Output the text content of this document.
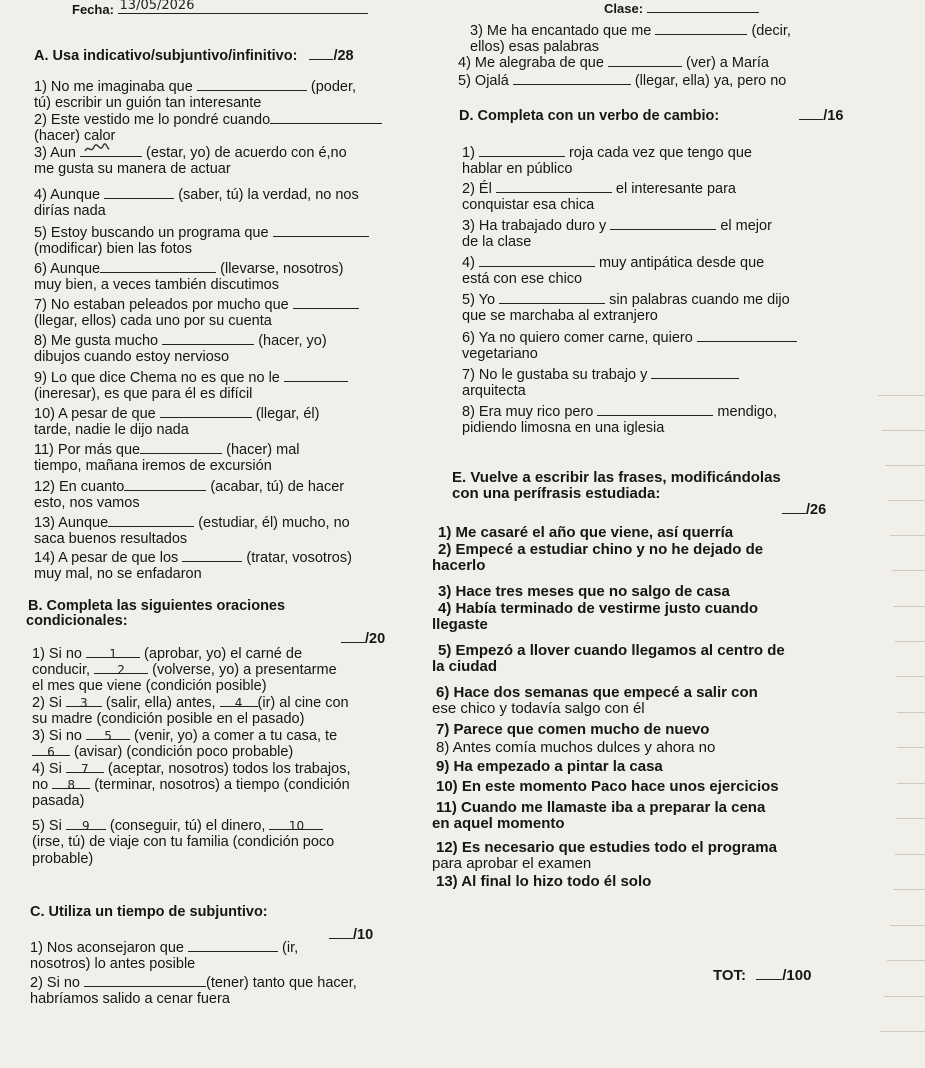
Fecha: 13/05/2026	Clase:
A. Usa indicativo/subjuntivo/infinitivo: /28
1) No me imaginaba que	(poder,
tú) escribir un guión tan interesante
2) Este vestido me lo pondré cuando
(hacer) calor
3) Aun	(estar, yo) de acuerdo con é,no
me gusta su manera de actuar
4) Aunque	(saber, tú) la verdad, no nos
dirías nada
5) Estoy buscando un programa que
(modificar) bien las fotos
6) Aunque	(llevarse, nosotros)
muy bien, a veces también discutimos
7) No estaban peleados por mucho que
(llegar, ellos) cada uno por su cuenta
8) Me gusta mucho	(hacer, yo)
dibujos cuando estoy nervioso
9) Lo que dice Chema no es que no le
(ineresar), es que para él es difícil
10) A pesar de que	(llegar, él)
tarde, nadie le dijo nada
11) Por más que	(hacer) mal
tiempo, mañana iremos de excursión
12) En cuanto	(acabar, tú) de hacer
esto, nos vamos
13) Aunque	(estudiar, él) mucho, no
saca buenos resultados
14) A pesar de que los	(tratar, vosotros)
muy mal, no se enfadaron
3) Me ha encantado que me	(decir,
ellos) esas palabras
4) Me alegraba de que	(ver) a María
5) Ojalá	(llegar, ella) ya, pero no
D. Completa con un verbo de cambio:	/16
1)	roja cada vez que tengo que
hablar en público
2) Él	el interesante para
conquistar esa chica
3) Ha trabajado duro y	el mejor
de la clase
4)	muy antipática desde que
está con ese chico
5) Yo	sin palabras cuando me dijo
que se marchaba al extranjero
6) Ya no quiero comer carne, quiero
vegetariano
7) No le gustaba su trabajo y
arquitecta
8) Era muy rico pero	mendigo,
pidiendo limosna en una iglesia
E. Vuelve a escribir las frases, modificándolas
con una perífrasis estudiada:
/26
1) Me casaré el año que viene, así querría
2) Empecé a estudiar chino y no he dejado de
hacerlo
3) Hace tres meses que no salgo de casa
4) Había terminado de vestirme justo cuando
llegaste
5) Empezó a llover cuando llegamos al centro de
la ciudad
6) Hace dos semanas que empecé a salir con
ese chico y todavía salgo con él
7) Parece que comen mucho de nuevo
8) Antes comía muchos dulces y ahora no
9) Ha empezado a pintar la casa
10) En este momento Paco hace unos ejercicios
11) Cuando me llamaste iba a preparar la cena
en aquel momento
12) Es necesario que estudies todo el programa
para aprobar el examen
13) Al final lo hizo todo él solo
B. Completa las siguientes oraciones
condicionales:
/20
1) Si no 1 (aprobar, yo) el carné de
conducir, 2 (volverse, yo) a presentarme
el mes que viene (condición posible)
2) Si 3 (salir, ella) antes, 4 (ir) al cine con
su madre (condición posible en el pasado)
3) Si no 5 (venir, yo) a comer a tu casa, te
6 (avisar) (condición poco probable)
4) Si 7 (aceptar, nosotros) todos los trabajos,
no 8 (terminar, nosotros) a tiempo (condición
pasada)
5) Si 9 (conseguir, tú) el dinero, 10
(irse, tú) de viaje con tu familia (condición poco
probable)
C. Utiliza un tiempo de subjuntivo:
/10
1) Nos aconsejaron que	(ir,
nosotros) lo antes posible
2) Si no	(tener) tanto que hacer,
habríamos salido a cenar fuera
TOT: /100
